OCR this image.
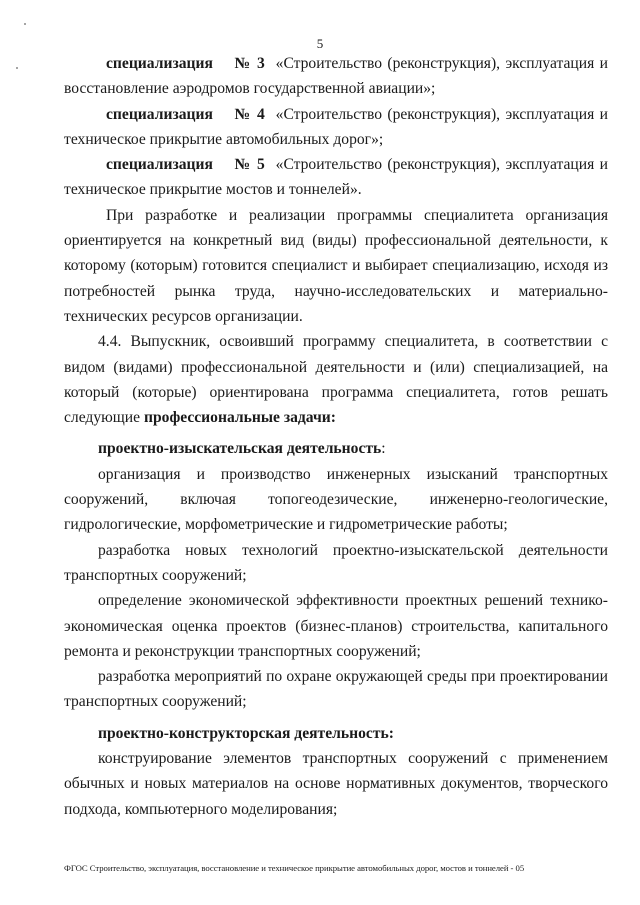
5

специализация № 3 «Строительство (реконструкция), эксплуатация и восстановление аэродромов государственной авиации»;

специализация № 4 «Строительство (реконструкция), эксплуатация и техническое прикрытие автомобильных дорог»;

специализация № 5 «Строительство (реконструкция), эксплуатация и техническое прикрытие мостов и тоннелей».

При разработке и реализации программы специалитета организация ориентируется на конкретный вид (виды) профессиональной деятельности, к которому (которым) готовится специалист и выбирает специализацию, исходя из потребностей рынка труда, научно-исследовательских и материально-технических ресурсов организации.

4.4. Выпускник, освоивший программу специалитета, в соответствии с видом (видами) профессиональной деятельности и (или) специализацией, на который (которые) ориентирована программа специалитета, готов решать следующие профессиональные задачи:

проектно-изыскательская деятельность:

организация и производство инженерных изысканий транспортных сооружений, включая топогеодезические, инженерно-геологические, гидрологические, морфометрические и гидрометрические работы;

разработка новых технологий проектно-изыскательской деятельности транспортных сооружений;

определение экономической эффективности проектных решений технико-экономическая оценка проектов (бизнес-планов) строительства, капитального ремонта и реконструкции транспортных сооружений;

разработка мероприятий по охране окружающей среды при проектировании транспортных сооружений;

проектно-конструкторская деятельность:

конструирование элементов транспортных сооружений с применением обычных и новых материалов на основе нормативных документов, творческого подхода, компьютерного моделирования;

ФГОС Строительство, эксплуатация, восстановление и техническое прикрытие автомобильных дорог, мостов и тоннелей - 05
